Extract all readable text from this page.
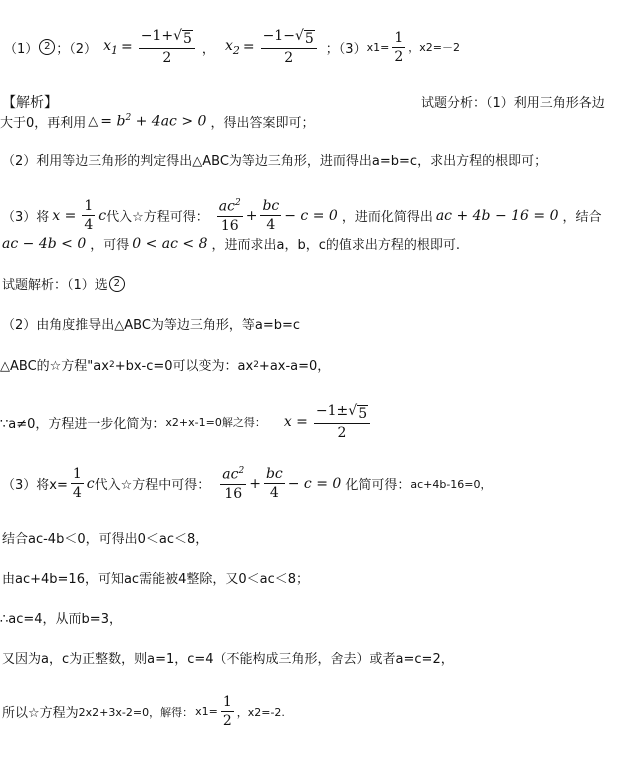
（1） 2 ；（2） $x_1 = \frac{-1+ √ 5}{2}$ ， $x_2 = \frac{-1- √ 5}{2}$ ；（3） $x1= \frac{1}{2}$ ，x2=－2
【解析】	试题分析：（1）利用三角形各边
大于0，再利用 △ = $b^2 + 4ac > 0$ ，得出答案即可；
（2）利用等边三角形的判定得出△ABC为等边三角形，进而得出a=b=c，求出方程的根即可；
（3）将 $x = \frac{1}{4}$ c 代入☆方程可得： $\frac{ac^2}{16} + \frac{bc}{4} - c = 0$ ，进而化简得出 ac + 4b − 16 = 0 ，结合
ac − 4b < 0 ，可得 0 < ac < 8 ，进而求出a，b，c的值求出方程的根即可.
试题解析：（1）选 2
（2）由角度推导出△ABC为等边三角形，等a=b=c
△ABC的☆方程"ax 2 +bx-c=0可以变为：ax 2 +ax-a=0，
∵a≠0，方程进一步化简为： x2+x-1=0解之得： $x = \frac{-1\pm √ 5}{2}$
（3）将$x= \frac{1}{4}$ c 代入☆方程中可得： $\frac{ac^2}{16} + \frac{bc}{4} - c = 0$ 化简可得： ac+4b-16=0，
结合ac-4b＜0，可得出 0＜ac＜8，
由ac+4b=16，可知ac需能被4整除，又0＜ac＜8；
∴ac=4，从而b=3，
又因为a，c为正整数，则a=1，c=4（不能构成三角形，舍去）或者a=c=2，
所以☆方程为 2x2+3x-2=0，解得： $x1= \frac{1}{2}$ ，x2=-2.
